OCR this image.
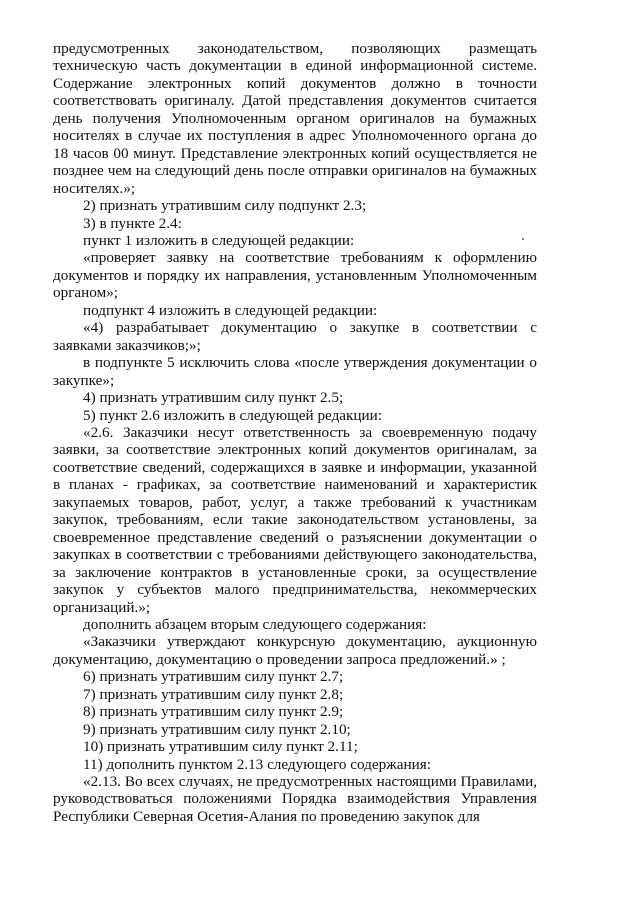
предусмотренных законодательством, позволяющих размещать техническую часть документации в единой информационной системе. Содержание электронных копий документов должно в точности соответствовать оригиналу. Датой представления документов считается день получения Уполномоченным органом оригиналов на бумажных носителях в случае их поступления в адрес Уполномоченного органа до 18 часов 00 минут. Представление электронных копий осуществляется не позднее чем на следующий день после отправки оригиналов на бумажных носителях.»;

2) признать утратившим силу подпункт 2.3;

3) в пункте 2.4:

пункт 1 изложить в следующей редакции:

«проверяет заявку на соответствие требованиям к оформлению документов и порядку их направления, установленным Уполномоченным органом»;

подпункт 4 изложить в следующей редакции:

«4) разрабатывает документацию о закупке в соответствии с заявками заказчиков;»;

в подпункте 5 исключить слова «после утверждения документации о закупке»;

4) признать утратившим силу пункт 2.5;

5) пункт 2.6 изложить в следующей редакции:

«2.6. Заказчики несут ответственность за своевременную подачу заявки, за соответствие электронных копий документов оригиналам, за соответствие сведений, содержащихся в заявке и информации, указанной в планах - графиках, за соответствие наименований и характеристик закупаемых товаров, работ, услуг, а также требований к участникам закупок, требованиям, если такие законодательством установлены, за своевременное представление сведений о разъяснении документации о закупках в соответствии с требованиями действующего законодательства, за заключение контрактов в установленные сроки, за осуществление закупок у субъектов малого предпринимательства, некоммерческих организаций.»;

дополнить абзацем вторым следующего содержания:

«Заказчики утверждают конкурсную документацию, аукционную документацию, документацию о проведении запроса предложений.» ;

6) признать утратившим силу пункт 2.7;

7) признать утратившим силу пункт 2.8;

8) признать утратившим силу пункт 2.9;

9) признать утратившим силу пункт 2.10;

10) признать утратившим силу пункт 2.11;

11) дополнить пунктом 2.13 следующего содержания:

«2.13. Во всех случаях, не предусмотренных настоящими Правилами, руководствоваться положениями Порядка взаимодействия Управления Республики Северная Осетия-Алания по проведению закупок для
